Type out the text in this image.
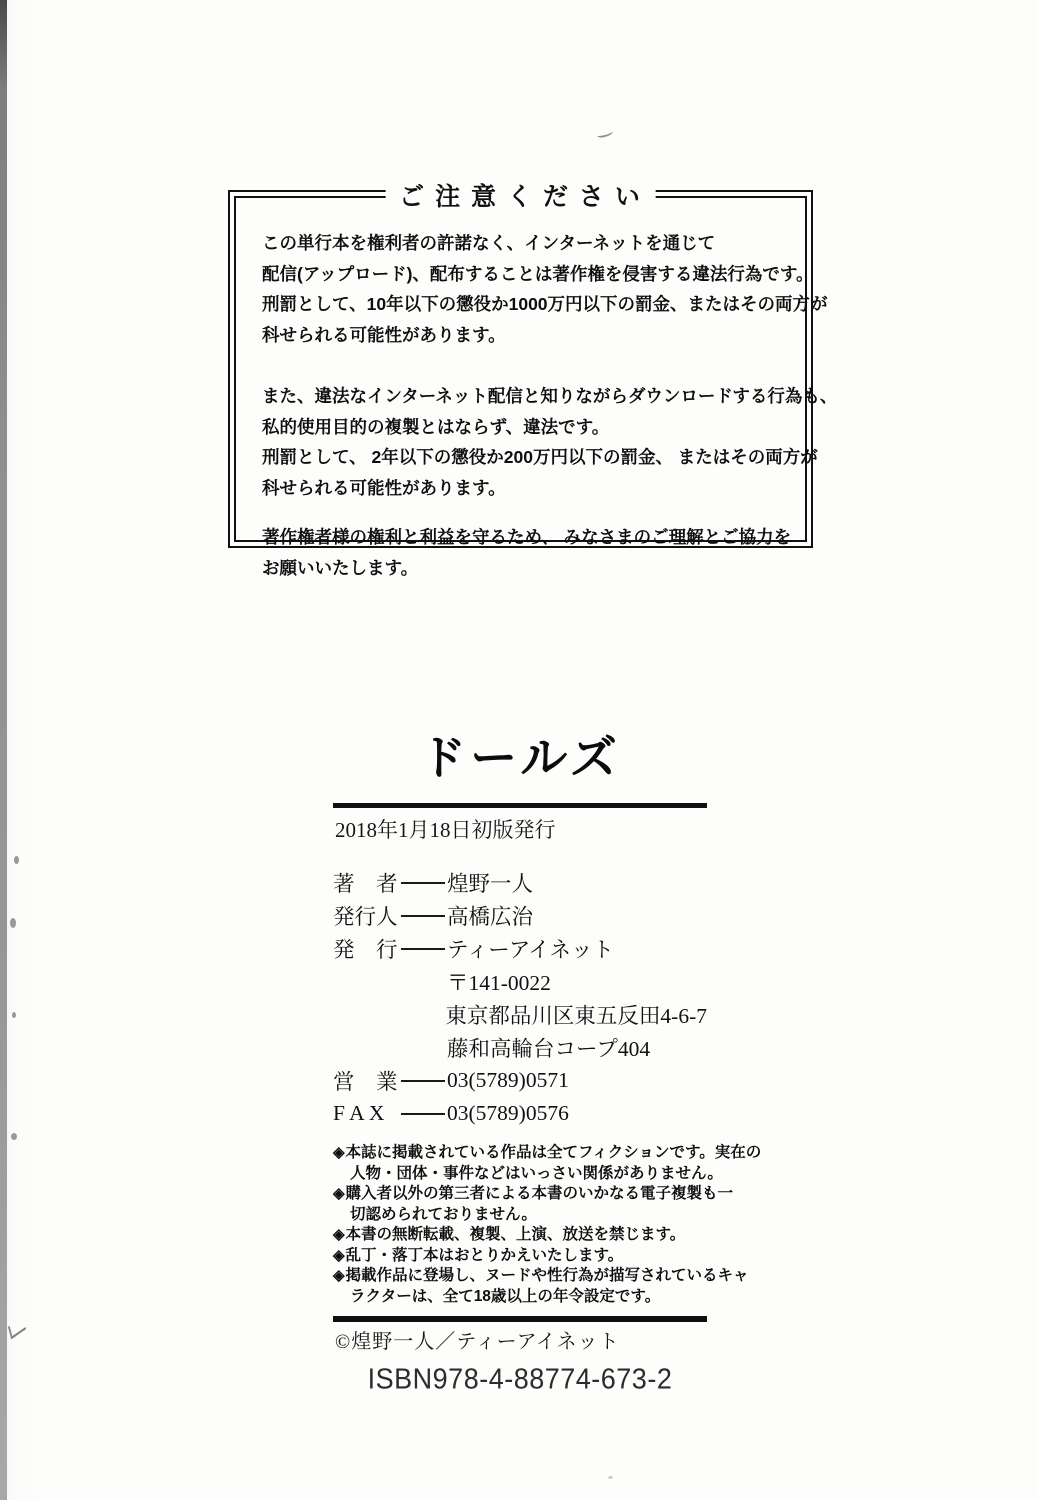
ご 注 意 く だ さ い
この単行本を権利者の許諾なく、インターネットを通じて
配信(アップロード)、配布することは著作権を侵害する違法行為です。
刑罰として、10年以下の懲役か1000万円以下の罰金、またはその両方が
科せられる可能性があります。
また、違法なインターネット配信と知りながらダウンロードする行為も、
私的使用目的の複製とはならず、違法です。
刑罰として、 2年以下の懲役か200万円以下の罰金、 またはその両方が
科せられる可能性があります。
著作権者様の権利と利益を守るため、 みなさまのご理解とご協力を
お願いいたします。
ドールズ
2018年1月18日初版発行
著　者 煌野一人
発行人 高橋広治
発　行 ティーアイネット
〒141-0022
東京都品川区東五反田4-6-7
藤和高輪台コープ404
営　業 03(5789)0571
F A X	03(5789)0576
◈本誌に掲載されている作品は全てフィクションです。実在の
人物・団体・事件などはいっさい関係がありません。
◈購入者以外の第三者による本書のいかなる電子複製も一
切認められておりません。
◈本書の無断転載、複製、上演、放送を禁じます。
◈乱丁・落丁本はおとりかえいたします。
◈掲載作品に登場し、ヌードや性行為が描写されているキャ
ラクターは、全て18歳以上の年令設定です。
©煌野一人／ティーアイネット
ISBN978-4-88774-673-2
